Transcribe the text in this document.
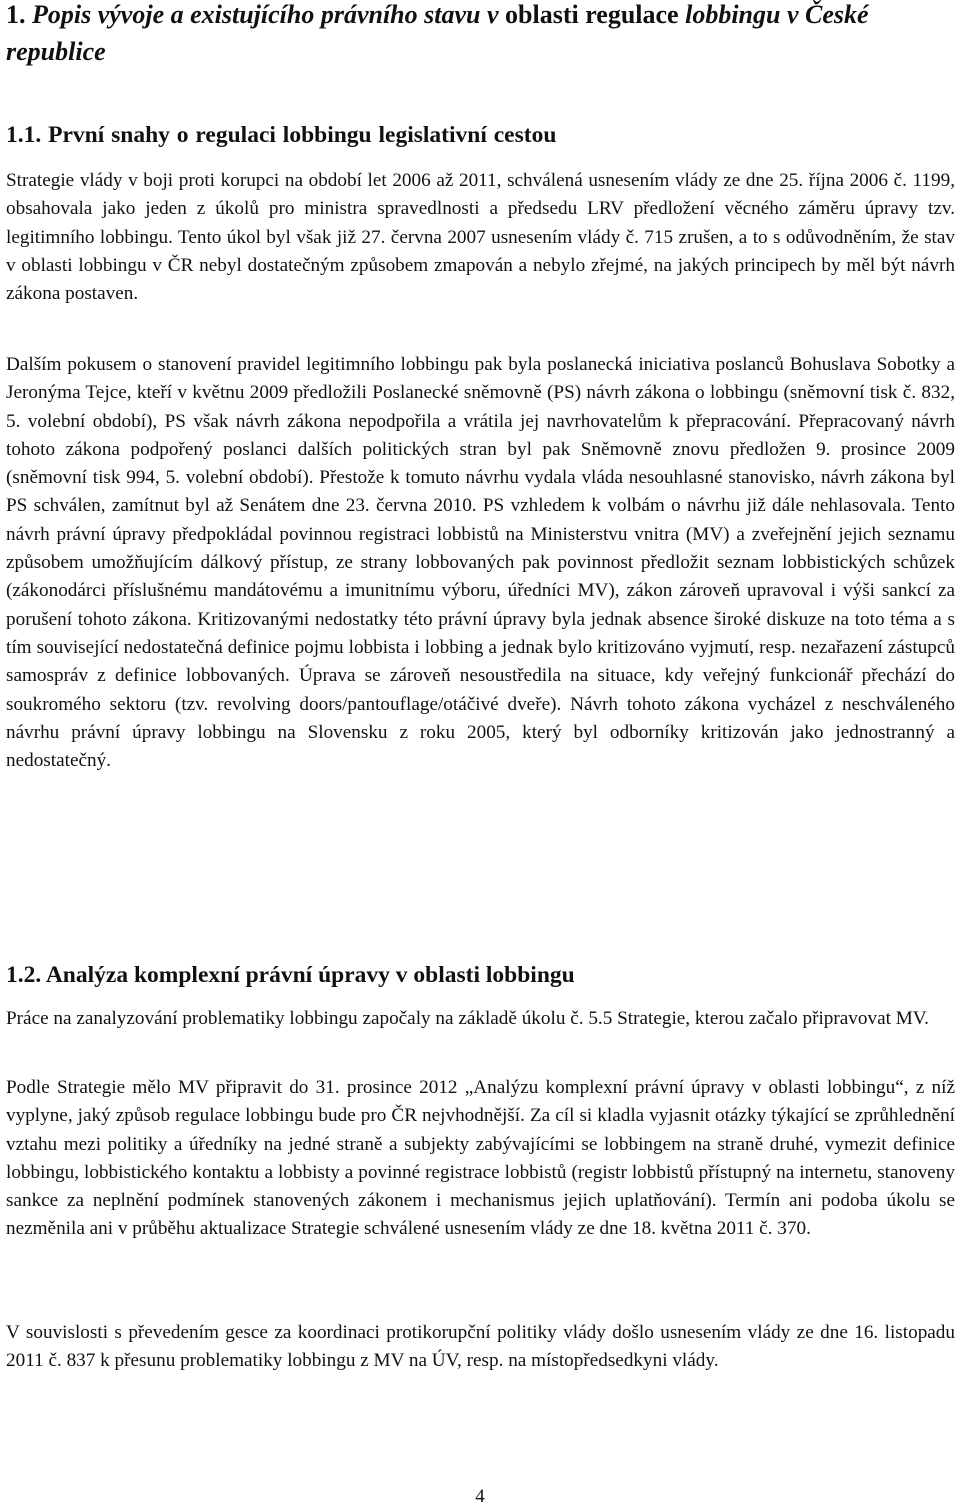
1. Popis vývoje a existujícího právního stavu v oblasti regulace lobbingu v České republice
1.1. První snahy o regulaci lobbingu legislativní cestou

Strategie vlády v boji proti korupci na období let 2006 až 2011, schválená usnesením vlády ze dne 25. října 2006 č. 1199, obsahovala jako jeden z úkolů pro ministra spravedlnosti a předsedu LRV předložení věcného záměru úpravy tzv. legitimního lobbingu. Tento úkol byl však již 27. června 2007 usnesením vlády č. 715 zrušen, a to s odůvodněním, že stav v oblasti lobbingu v ČR nebyl dostatečným způsobem zmapován a nebylo zřejmé, na jakých principech by měl být návrh zákona postaven.

Dalším pokusem o stanovení pravidel legitimního lobbingu pak byla poslanecká iniciativa poslanců Bohuslava Sobotky a Jeronýma Tejce, kteří v květnu 2009 předložili Poslanecké sněmovně (PS) návrh zákona o lobbingu (sněmovní tisk č. 832, 5. volební období), PS však návrh zákona nepodpořila a vrátila jej navrhovatelům k přepracování. Přepracovaný návrh tohoto zákona podpořený poslanci dalších politických stran byl pak Sněmovně znovu předložen 9. prosince 2009 (sněmovní tisk 994, 5. volební období). Přestože k tomuto návrhu vydala vláda nesouhlasné stanovisko, návrh zákona byl PS schválen, zamítnut byl až Senátem dne 23. června 2010. PS vzhledem k volbám o návrhu již dále nehlasovala. Tento návrh právní úpravy předpokládal povinnou registraci lobbistů na Ministerstvu vnitra (MV) a zveřejnění jejich seznamu způsobem umožňujícím dálkový přístup, ze strany lobbovaných pak povinnost předložit seznam lobbistických schůzek (zákonodárci příslušnému mandátovému a imunitnímu výboru, úředníci MV), zákon zároveň upravoval i výši sankcí za porušení tohoto zákona. Kritizovanými nedostatky této právní úpravy byla jednak absence široké diskuze na toto téma a s tím související nedostatečná definice pojmu lobbista i lobbing a jednak bylo kritizováno vyjmutí, resp. nezařazení zástupců samospráv z definice lobbovaných. Úprava se zároveň nesoustředila na situace, kdy veřejný funkcionář přechází do soukromého sektoru (tzv. revolving doors/pantouflage/otáčivé dveře). Návrh tohoto zákona vycházel z neschváleného návrhu právní úpravy lobbingu na Slovensku z roku 2005, který byl odborníky kritizován jako jednostranný a nedostatečný.

1.2. Analýza komplexní právní úpravy v oblasti lobbingu

Práce na zanalyzování problematiky lobbingu započaly na základě úkolu č. 5.5 Strategie, kterou začalo připravovat MV.

Podle Strategie mělo MV připravit do 31. prosince 2012 „Analýzu komplexní právní úpravy v oblasti lobbingu“, z níž vyplyne, jaký způsob regulace lobbingu bude pro ČR nejvhodnější. Za cíl si kladla vyjasnit otázky týkající se zprůhlednění vztahu mezi politiky a úředníky na jedné straně a subjekty zabývajícími se lobbingem na straně druhé, vymezit definice lobbingu, lobbistického kontaktu a lobbisty a povinné registrace lobbistů (registr lobbistů přístupný na internetu, stanoveny sankce za neplnění podmínek stanovených zákonem i mechanismus jejich uplatňování). Termín ani podoba úkolu se nezměnila ani v průběhu aktualizace Strategie schválené usnesením vlády ze dne 18. května 2011 č. 370.

V souvislosti s převedením gesce za koordinaci protikorupční politiky vlády došlo usnesením vlády ze dne 16. listopadu 2011 č. 837 k přesunu problematiky lobbingu z MV na ÚV, resp. na místopředsedkyni vlády.

4
